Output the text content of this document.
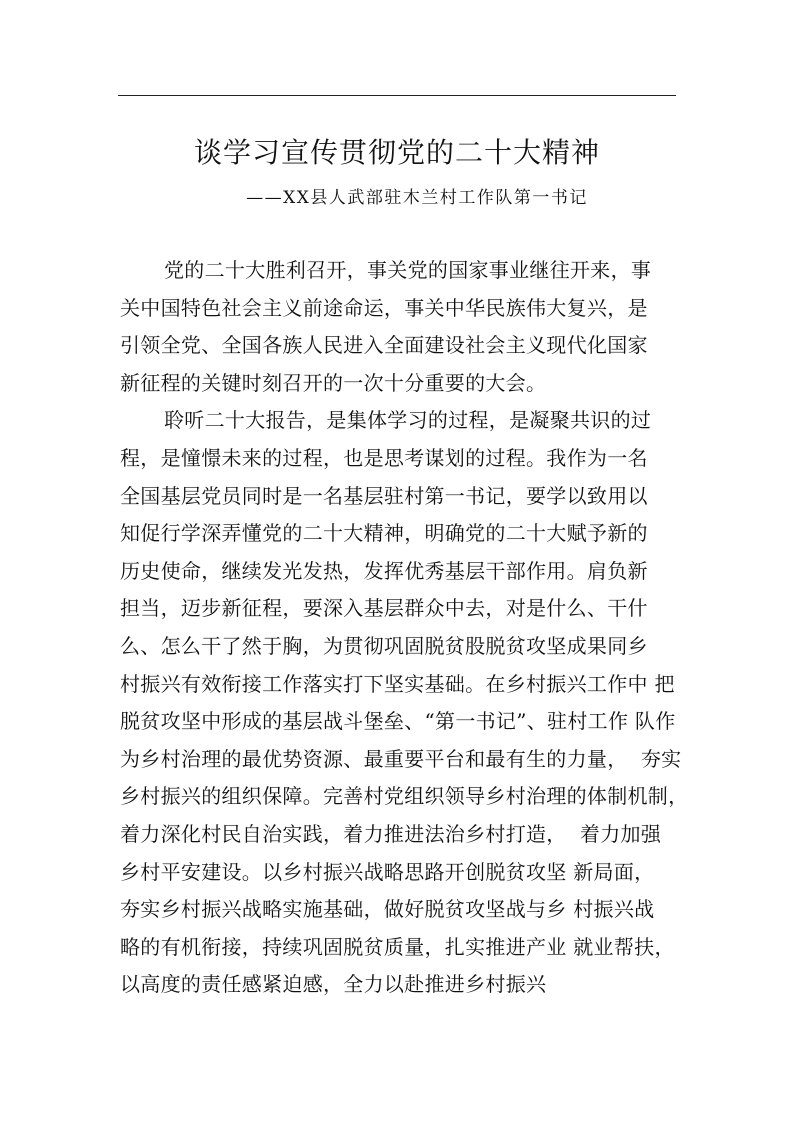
谈学习宣传贯彻党的二十大精神
——XX县人武部驻木兰村工作队第一书记
党的二十大胜利召开，事关党的国家事业继往开来，事
关中国特色社会主义前途命运，事关中华民族伟大复兴，是
引领全党、全国各族人民进入全面建设社会主义现代化国家
新征程的关键时刻召开的一次十分重要的大会。
聆听二十大报告，是集体学习的过程，是凝聚共识的过
程，是憧憬未来的过程，也是思考谋划的过程。我作为一名
全国基层党员同时是一名基层驻村第一书记，要学以致用以
知促行学深弄懂党的二十大精神，明确党的二十大赋予新的
历史使命，继续发光发热，发挥优秀基层干部作用。肩负新
担当，迈步新征程，要深入基层群众中去，对是什么、干什
么、怎么干了然于胸，为贯彻巩固脱贫股脱贫攻坚成果同乡
村振兴有效衔接工作落实打下坚实基础。在乡村振兴工作中 把
脱贫攻坚中形成的基层战斗堡垒、“第一书记”、驻村工作 队作
为乡村治理的最优势资源、最重要平台和最有生的力量，  夯实
乡村振兴的组织保障。完善村党组织领导乡村治理的体制机制，
着力深化村民自治实践，着力推进法治乡村打造，  着力加强
乡村平安建设。以乡村振兴战略思路开创脱贫攻坚 新局面，
夯实乡村振兴战略实施基础，做好脱贫攻坚战与乡 村振兴战
略的有机衔接，持续巩固脱贫质量，扎实推进产业 就业帮扶，
以高度的责任感紧迫感，全力以赴推进乡村振兴
